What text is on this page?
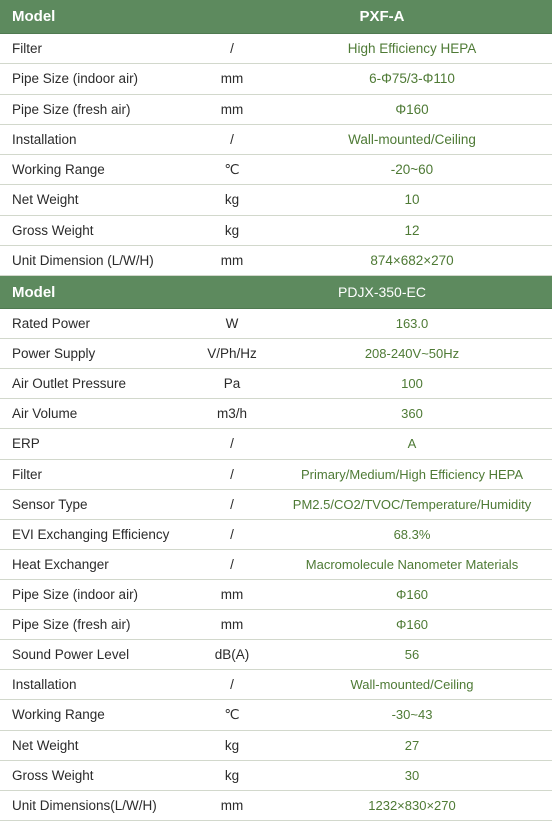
Model	PXF-A
Filter	/	High Efficiency HEPA
Pipe Size (indoor air)	mm	6-Φ75/3-Φ110
Pipe Size (fresh air)	mm	Φ160
Installation	/	Wall-mounted/Ceiling
Working Range	℃	-20~60
Net Weight	kg	10
Gross Weight	kg	12
Unit Dimension (L/W/H)	mm	874×682×270
Model	PDJX-350-EC
Rated Power	W	163.0
Power Supply	V/Ph/Hz	208-240V~50Hz
Air Outlet Pressure	Pa	100
Air Volume	m3/h	360
ERP	/	A
Filter	/	Primary/Medium/High Efficiency HEPA
Sensor Type	/	PM2.5/CO2/TVOC/Temperature/Humidity
EVI Exchanging Efficiency	/	68.3%
Heat Exchanger	/	Macromolecule Nanometer Materials
Pipe Size (indoor air)	mm	Φ160
Pipe Size (fresh air)	mm	Φ160
Sound Power Level	dB(A)	56
Installation	/	Wall-mounted/Ceiling
Working Range	℃	-30~43
Net Weight	kg	27
Gross Weight	kg	30
Unit Dimensions(L/W/H)	mm	1232×830×270
